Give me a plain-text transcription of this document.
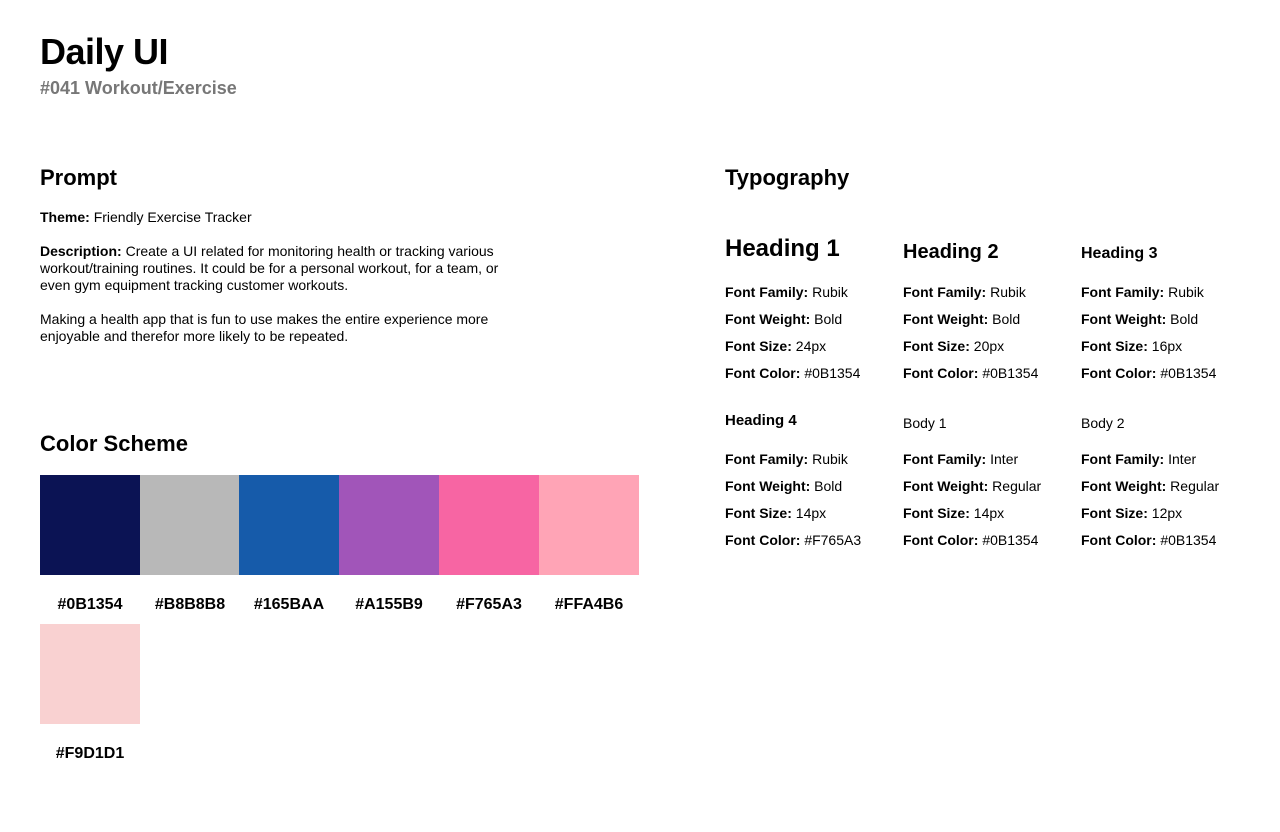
Daily UI
#041 Workout/Exercise
Prompt

Theme: Friendly Exercise Tracker

Description: Create a UI related for monitoring health or tracking various workout/training routines. It could be for a personal workout, for a team, or even gym equipment tracking customer workouts.

Making a health app that is fun to use makes the entire experience more enjoyable and therefor more likely to be repeated.

Color Scheme
#0B1354	#B8B8B8	#165BAA	#A155B9	#F765A3	#FFA4B6
#F9D1D1
Typography
Heading 1
Font Family: Rubik
Font Weight: Bold
Font Size: 24px
Font Color: #0B1354
Heading 2
Font Family: Rubik
Font Weight: Bold
Font Size: 20px
Font Color: #0B1354
Heading 3
Font Family: Rubik
Font Weight: Bold
Font Size: 16px
Font Color: #0B1354
Heading 4
Font Family: Rubik
Font Weight: Bold
Font Size: 14px
Font Color: #F765A3
Body 1
Font Family: Inter
Font Weight: Regular
Font Size: 14px
Font Color: #0B1354
Body 2
Font Family: Inter
Font Weight: Regular
Font Size: 12px
Font Color: #0B1354
